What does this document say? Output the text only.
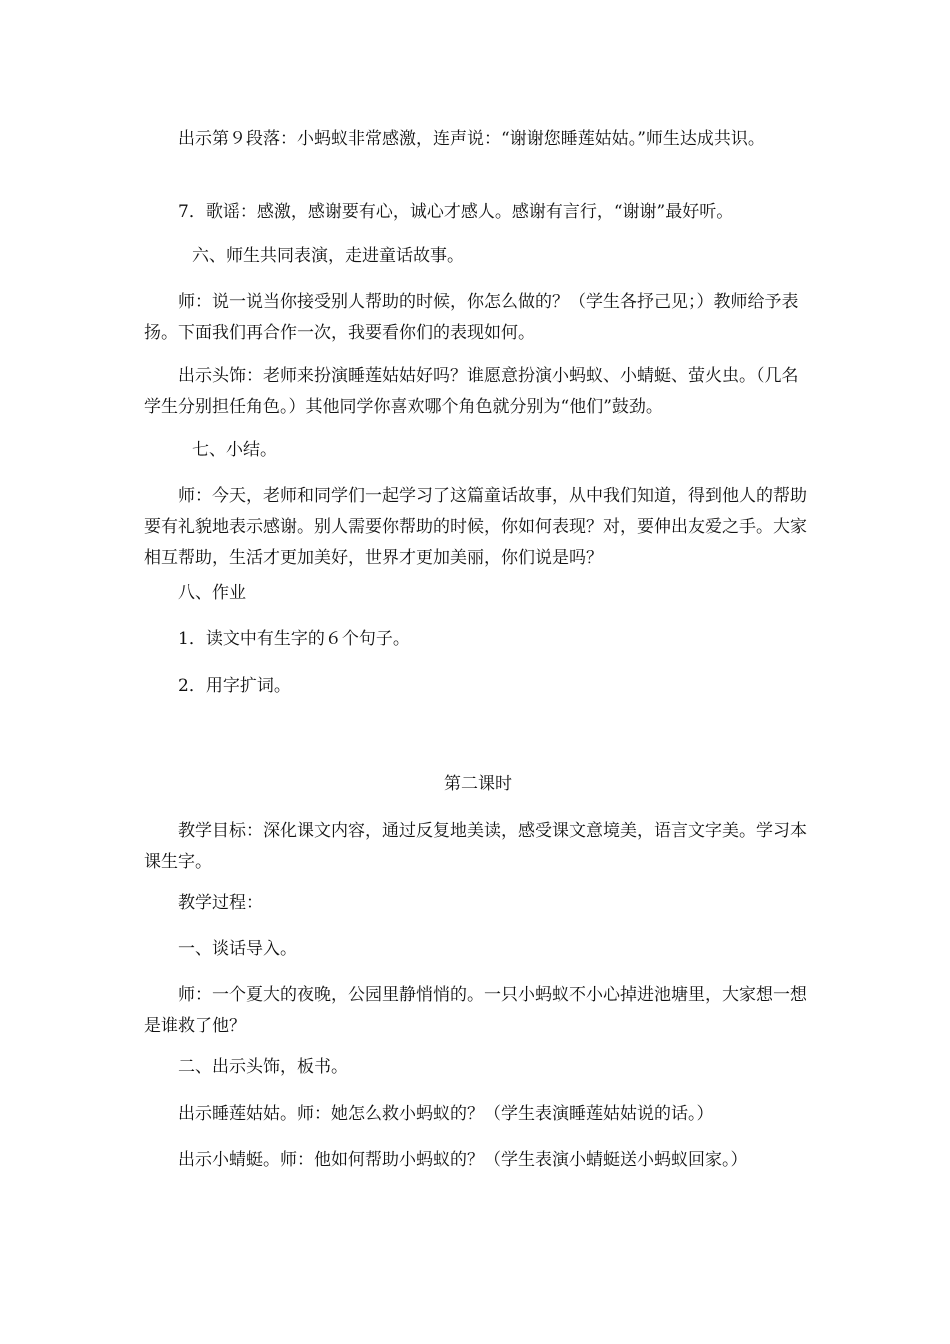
出示第９段落：小蚂蚁非常感激，连声说：“谢谢您睡莲姑姑。”师生达成共识。

7．歌谣：感激，感谢要有心，诚心才感人。感谢有言行，“谢谢”最好听。

六、师生共同表演，走进童话故事。

师：说一说当你接受别人帮助的时候，你怎么做的？（学生各抒己见；）教师给予表扬。下面我们再合作一次，我要看你们的表现如何。

出示头饰：老师来扮演睡莲姑姑好吗？谁愿意扮演小蚂蚁、小蜻蜓、萤火虫。（几名学生分别担任角色。）其他同学你喜欢哪个角色就分别为“他们”鼓劲。

七、小结。

师：今天，老师和同学们一起学习了这篇童话故事，从中我们知道，得到他人的帮助要有礼貌地表示感谢。别人需要你帮助的时候，你如何表现？对，要伸出友爱之手。大家相互帮助，生活才更加美好，世界才更加美丽，你们说是吗？

八、作业

1．读文中有生字的６个句子。

2．用字扩词。

第二课时

教学目标：深化课文内容，通过反复地美读，感受课文意境美，语言文字美。学习本课生字。

教学过程：

一、谈话导入。

师：一个夏大的夜晚，公园里静悄悄的。一只小蚂蚁不小心掉进池塘里，大家想一想是谁救了他？

二、出示头饰，板书。

出示睡莲姑姑。师：她怎么救小蚂蚁的？（学生表演睡莲姑姑说的话。）

出示小蜻蜓。师：他如何帮助小蚂蚁的？（学生表演小蜻蜓送小蚂蚁回家。）
